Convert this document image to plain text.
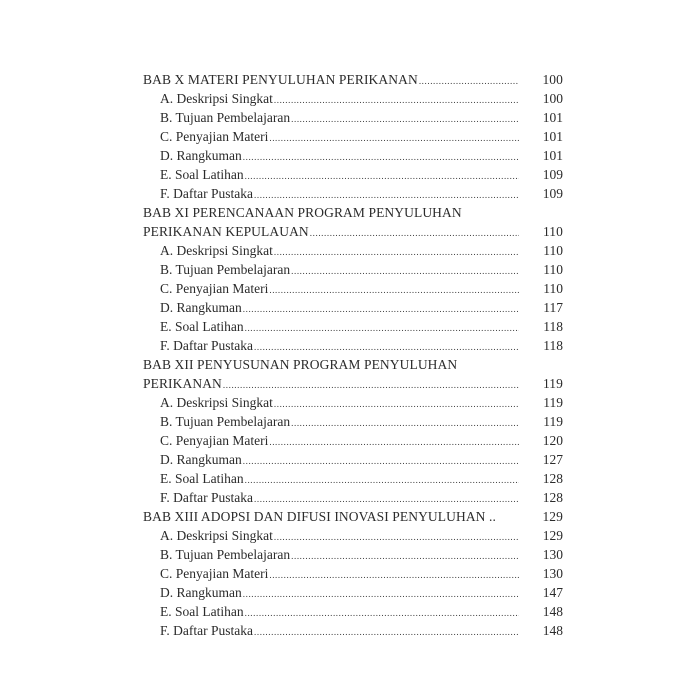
BAB X MATERI PENYULUHAN PERIKANAN .....	100
A. Deskripsi Singkat .....	100
B. Tujuan Pembelajaran .....	101
C. Penyajian Materi .....	101
D. Rangkuman .....	101
E. Soal Latihan .....	109
F. Daftar Pustaka .....	109
BAB XI PERENCANAAN PROGRAM PENYULUHAN
PERIKANAN KEPULAUAN .....	110
A. Deskripsi Singkat .....	110
B. Tujuan Pembelajaran .....	110
C. Penyajian Materi .....	110
D. Rangkuman .....	117
E. Soal Latihan .....	118
F. Daftar Pustaka .....	118
BAB XII PENYUSUNAN PROGRAM PENYULUHAN
PERIKANAN .....	119
A. Deskripsi Singkat .....	119
B. Tujuan Pembelajaran .....	119
C. Penyajian Materi .....	120
D. Rangkuman .....	127
E. Soal Latihan .....	128
F. Daftar Pustaka .....	128
BAB XIII ADOPSI DAN DIFUSI INOVASI PENYULUHAN ..	129
A. Deskripsi Singkat .....	129
B. Tujuan Pembelajaran .....	130
C. Penyajian Materi .....	130
D. Rangkuman .....	147
E. Soal Latihan .....	148
F. Daftar Pustaka .....	148
